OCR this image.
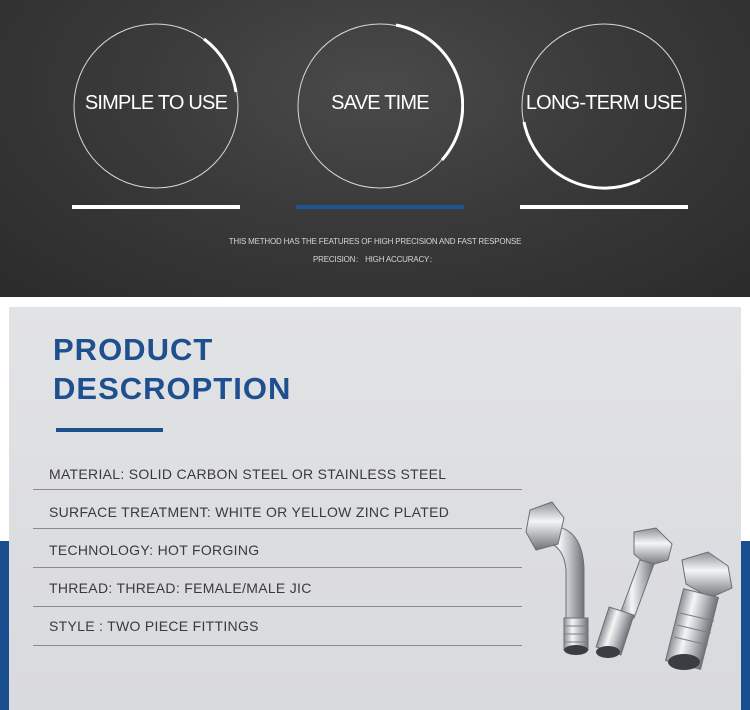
SIMPLE TO USE	SAVE TIME	LONG-TERM USE
THIS METHOD HAS THE FEATURES OF HIGH PRECISION AND FAST RESPONSE
PRECISION： HIGH ACCURACY：
PRODUCT
DESCROPTION
MATERIAL: SOLID CARBON STEEL OR STAINLESS STEEL
SURFACE TREATMENT: WHITE OR YELLOW ZINC PLATED
TECHNOLOGY: HOT FORGING
THREAD: THREAD: FEMALE/MALE JIC
STYLE : TWO PIECE FITTINGS
